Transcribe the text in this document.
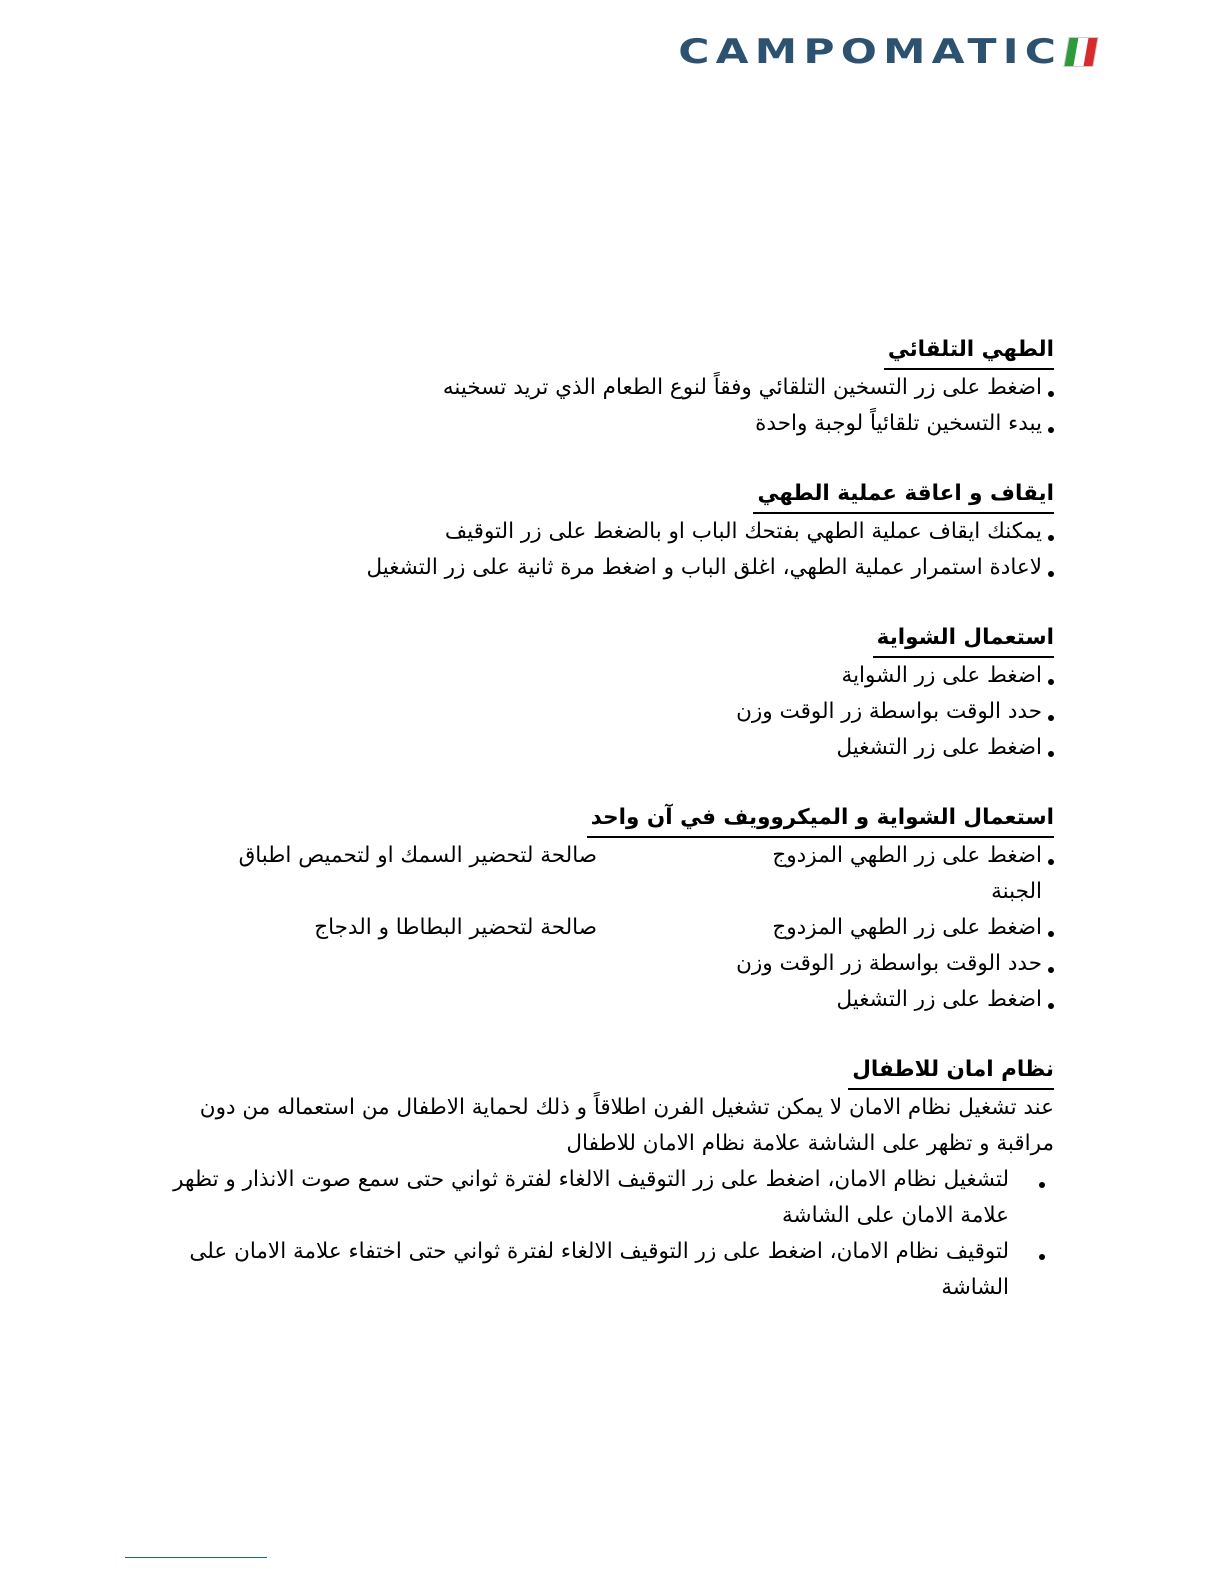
CAMPOMATIC
الطهي التلقائي
اضغط على زر التسخين التلقائي وفقاً لنوع الطعام الذي تريد تسخينه
يبدء التسخين تلقائياً لوجبة واحدة
ايقاف و اعاقة عملية الطهي
يمكنك ايقاف عملية الطهي بفتحك الباب او بالضغط على زر التوقيف
لاعادة استمرار عملية الطهي، اغلق الباب و اضغط مرة ثانية على زر التشغيل
استعمال الشواية
اضغط على زر الشواية
حدد الوقت بواسطة زر الوقت وزن
اضغط على زر التشغيل
استعمال الشواية و الميكروويف في آن واحد
اضغط على زر الطهي المزدوج الجبنة
صالحة لتحضير السمك او لتحميص اطباق
اضغط على زر الطهي المزدوج
صالحة لتحضير البطاطا و الدجاج
حدد الوقت بواسطة زر الوقت وزن
اضغط على زر التشغيل
نظام امان للاطفال

عند تشغيل نظام الامان لا يمكن تشغيل الفرن اطلاقاً و ذلك لحماية الاطفال من استعماله من دون مراقبة و تظهر على الشاشة علامة نظام الامان للاطفال

لتشغيل نظام الامان، اضغط على زر التوقيف الالغاء لفترة ثواني حتى سمع صوت الانذار و تظهر علامة الامان على الشاشة
لتوقيف نظام الامان، اضغط على زر التوقيف الالغاء لفترة ثواني حتى اختفاء علامة الامان على الشاشة
